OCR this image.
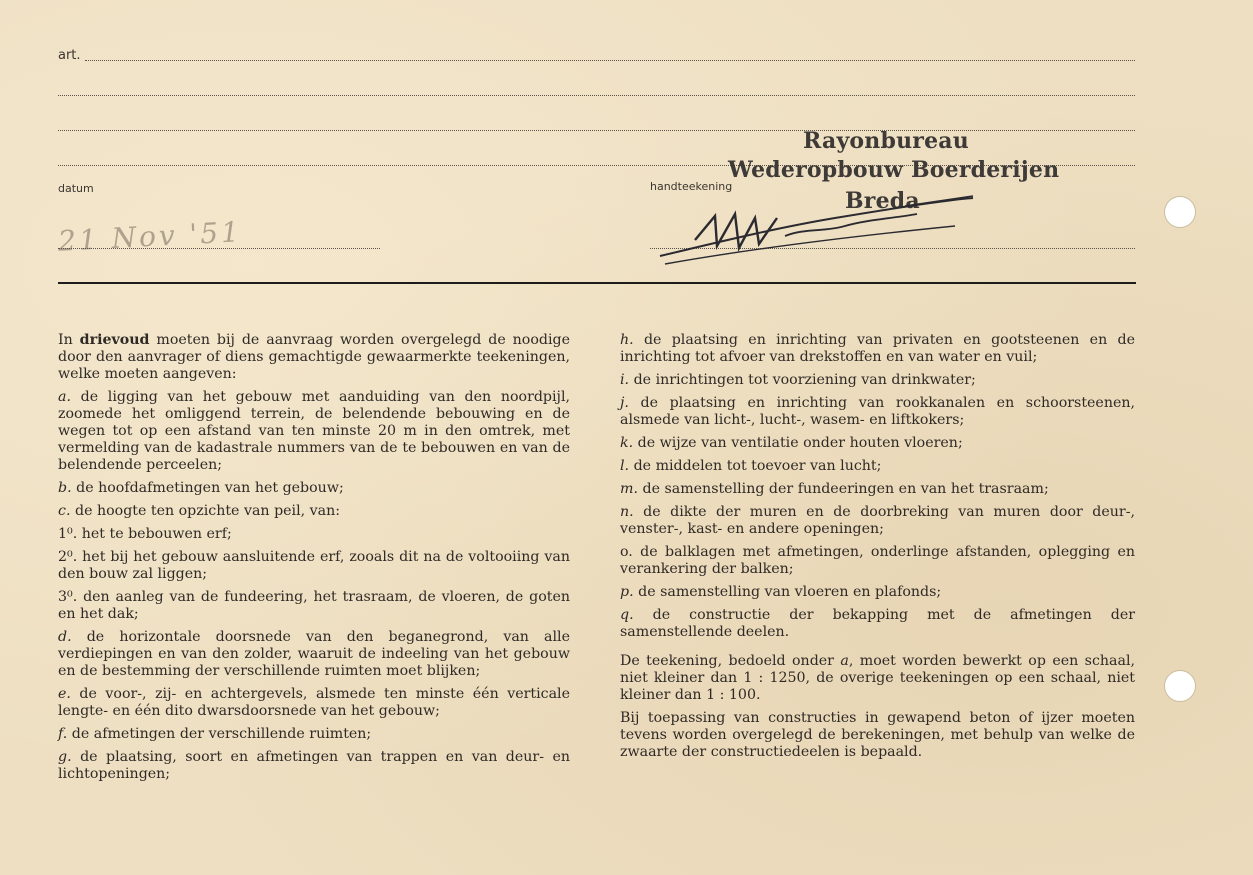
art.
datum
21 Nov '51
handteekening
Rayonbureau
Wederopbouw Boerderijen
Breda

In drievoud moeten bij de aanvraag worden overgelegd de noodige door den aanvrager of diens gemachtigde gewaarmerkte teekeningen, welke moeten aangeven:

a. de ligging van het gebouw met aanduiding van den noordpijl, zoomede het omliggend terrein, de belendende bebouwing en de wegen tot op een afstand van ten minste 20 m in den omtrek, met vermelding van de kadastrale nummers van de te bebouwen en van de belendende perceelen;

b. de hoofdafmetingen van het gebouw;

c. de hoogte ten opzichte van peil, van:

1⁰. het te bebouwen erf;

2⁰. het bij het gebouw aansluitende erf, zooals dit na de voltooiing van den bouw zal liggen;

3⁰. den aanleg van de fundeering, het trasraam, de vloeren, de goten en het dak;

d. de horizontale doorsnede van den beganegrond, van alle verdiepingen en van den zolder, waaruit de indeeling van het gebouw en de bestemming der verschillende ruimten moet blijken;

e. de voor-, zij- en achtergevels, alsmede ten minste één verticale lengte- en één dito dwarsdoorsnede van het gebouw;

f. de afmetingen der verschillende ruimten;

g. de plaatsing, soort en afmetingen van trappen en van deur- en lichtopeningen;

h. de plaatsing en inrichting van privaten en gootsteenen en de inrichting tot afvoer van drekstoffen en van water en vuil;

i. de inrichtingen tot voorziening van drinkwater;

j. de plaatsing en inrichting van rookkanalen en schoorsteenen, alsmede van licht-, lucht-, wasem- en liftkokers;

k. de wijze van ventilatie onder houten vloeren;

l. de middelen tot toevoer van lucht;

m. de samenstelling der fundeeringen en van het trasraam;

n. de dikte der muren en de doorbreking van muren door deur-, venster-, kast- en andere openingen;

o. de balklagen met afmetingen, onderlinge afstanden, oplegging en verankering der balken;

p. de samenstelling van vloeren en plafonds;

q. de constructie der bekapping met de afmetingen der samenstellende deelen.

De teekening, bedoeld onder a, moet worden bewerkt op een schaal, niet kleiner dan 1 : 1250, de overige teekeningen op een schaal, niet kleiner dan 1 : 100.

Bij toepassing van constructies in gewapend beton of ijzer moeten tevens worden overgelegd de berekeningen, met behulp van welke de zwaarte der constructiedeelen is bepaald.
